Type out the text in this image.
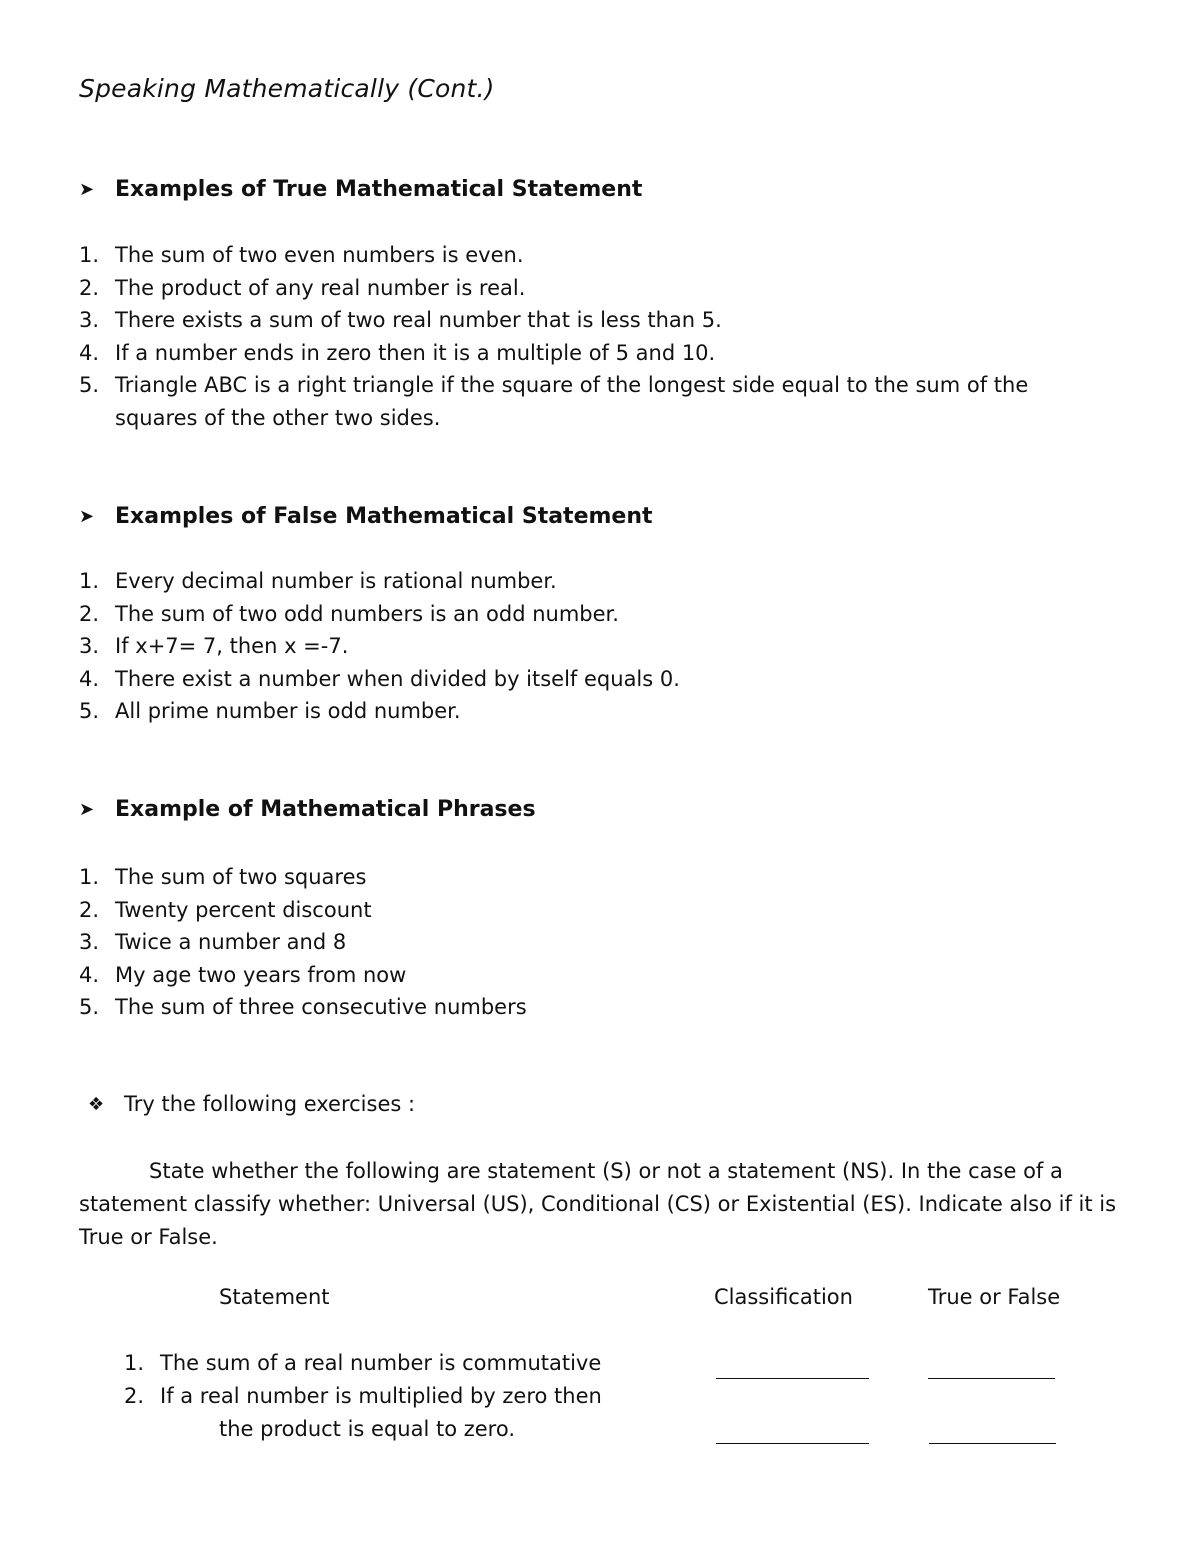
Speaking Mathematically (Cont.)
➤ Examples of True Mathematical Statement
1. The sum of two even numbers is even.
2. The product of any real number is real.
3. There exists a sum of two real number that is less than 5.
4. If a number ends in zero then it is a multiple of 5 and 10.
5. Triangle ABC is a right triangle if the square of the longest side equal to the sum of the squares of the other two sides.
➤ Examples of False Mathematical Statement
1. Every decimal number is rational number.
2. The sum of two odd numbers is an odd number.
3. If x+7= 7, then x =-7.
4. There exist a number when divided by itself equals 0.
5. All prime number is odd number.
➤ Example of Mathematical Phrases
1. The sum of two squares
2. Twenty percent discount
3. Twice a number and 8
4. My age two years from now
5. The sum of three consecutive numbers
❖ Try the following exercises :

State whether the following are statement (S) or not a statement (NS). In the case of a statement classify whether: Universal (US), Conditional (CS) or Existential (ES). Indicate also if it is True or False.

Statement	Classification	True or False
1. The sum of a real number is commutative
2. If a real number is multiplied by zero then
the product is equal to zero.
